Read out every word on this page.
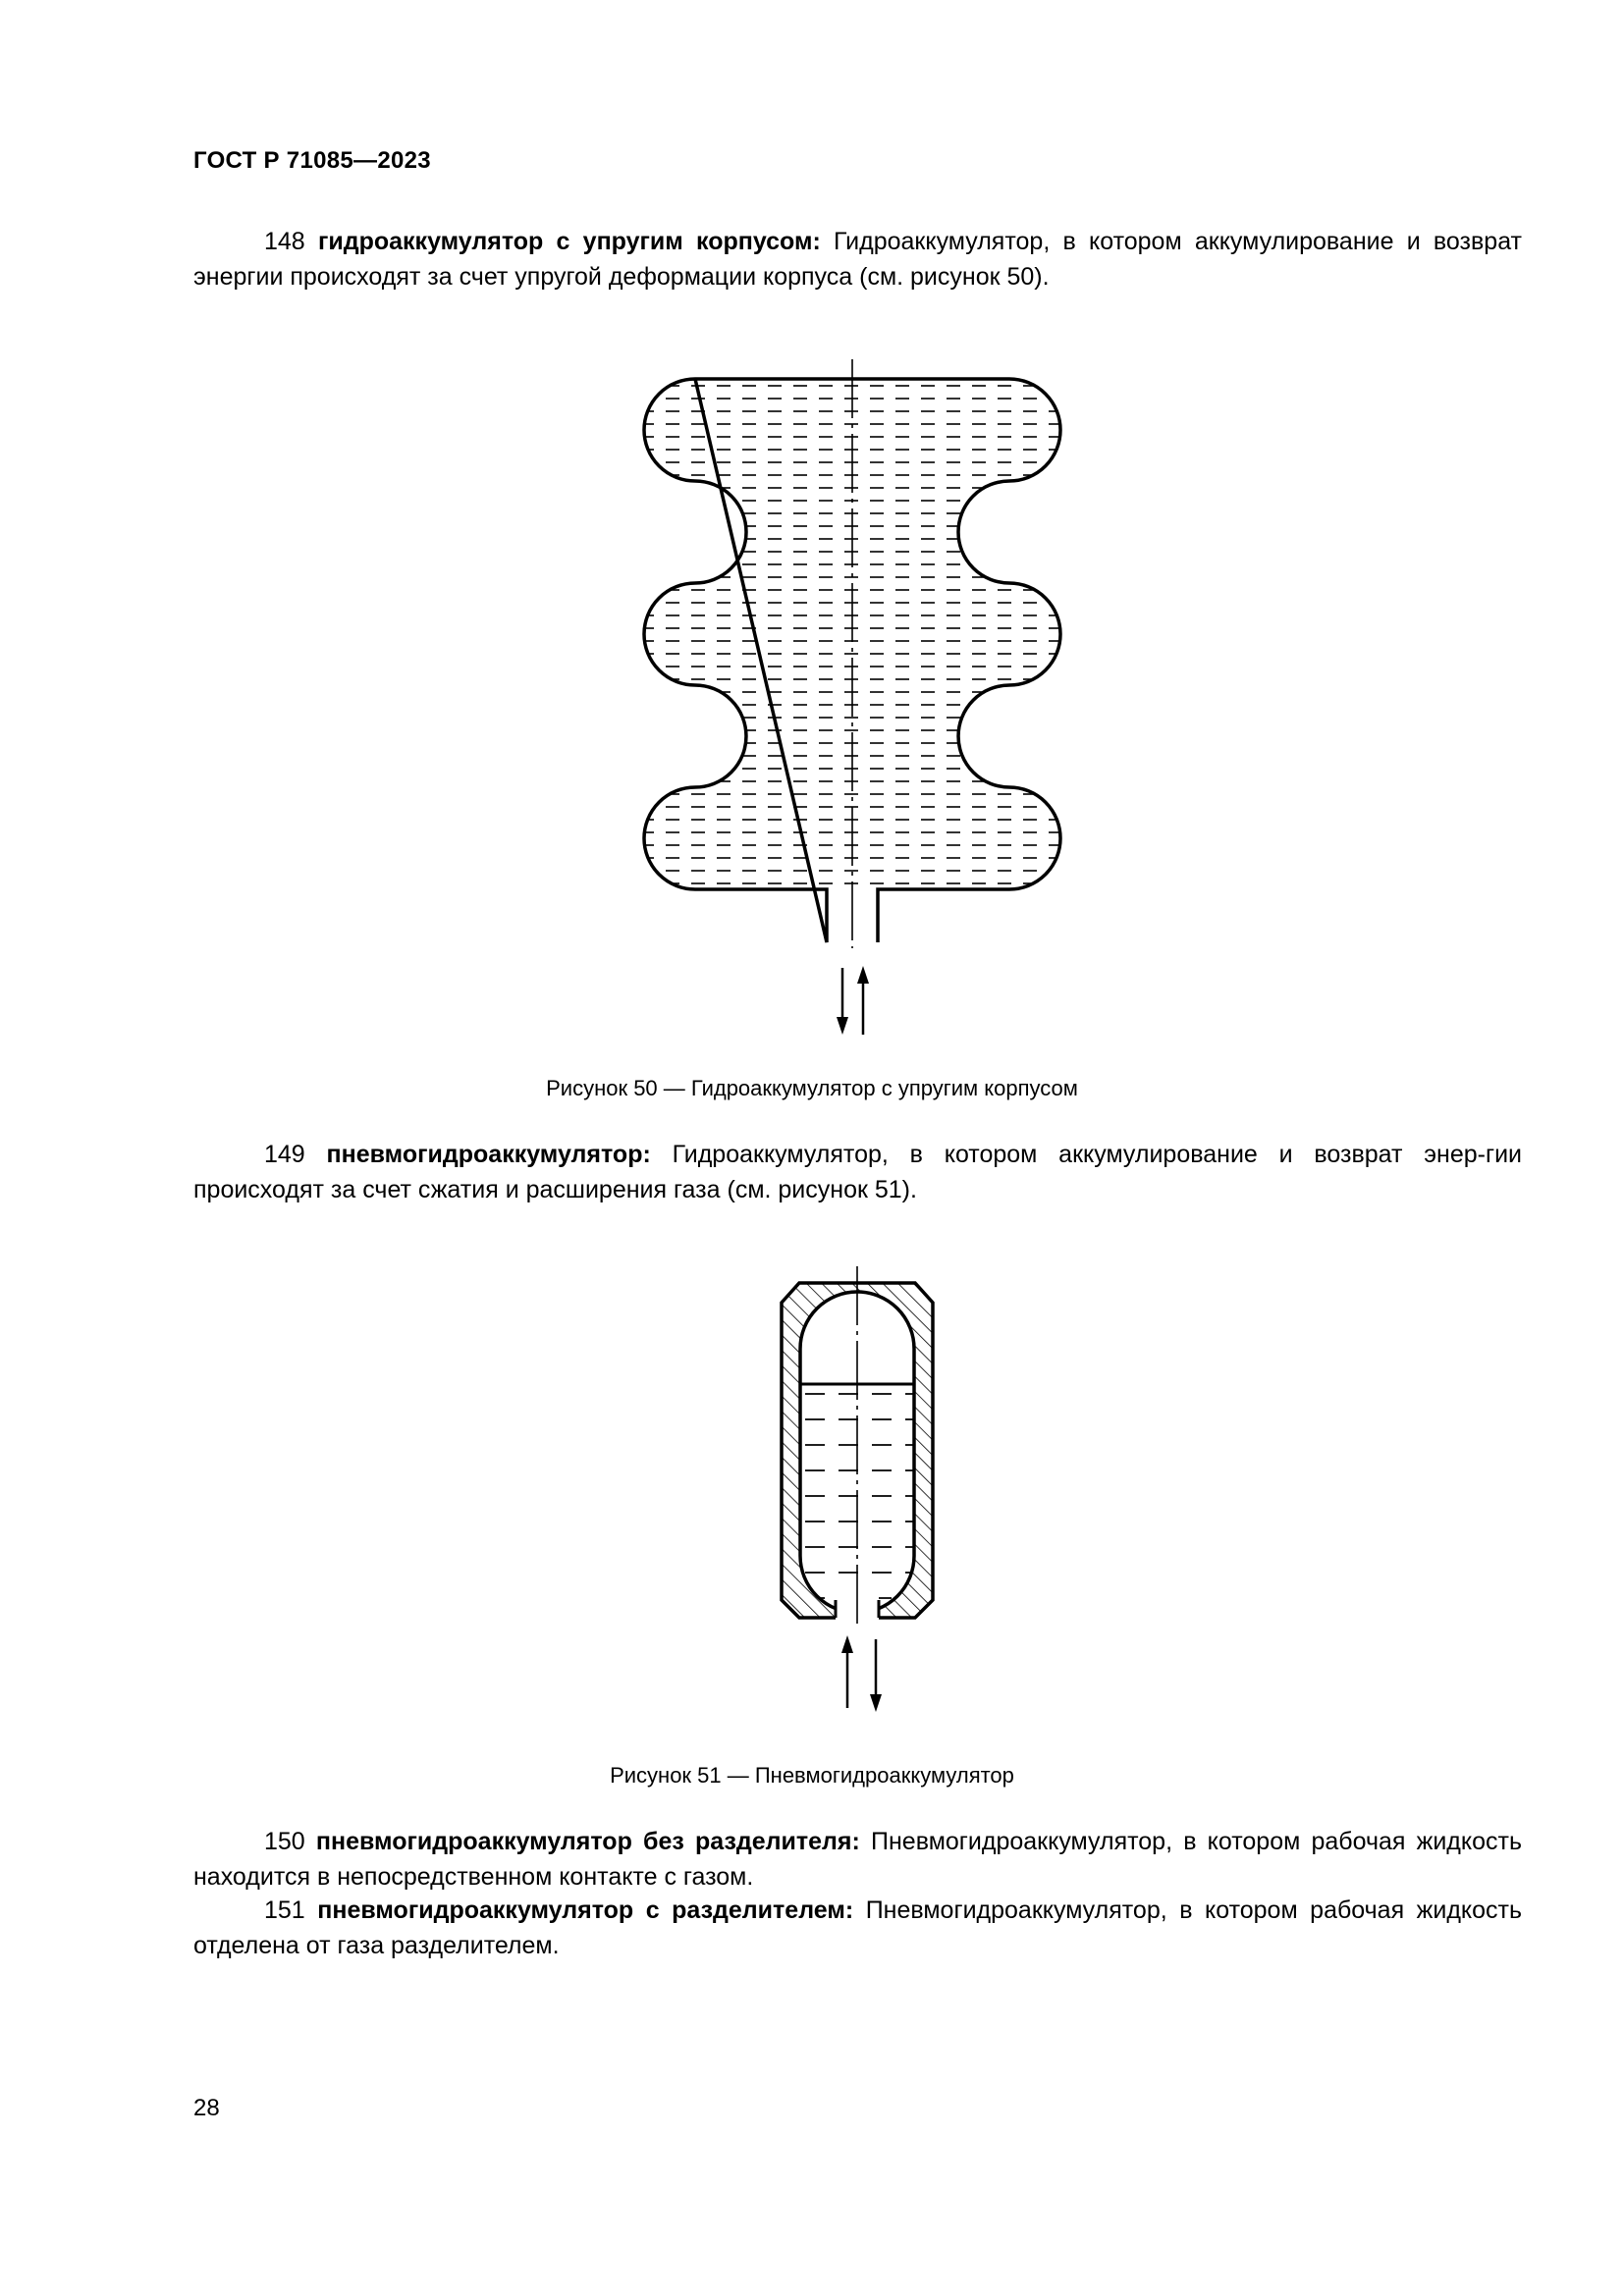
ГОСТ Р 71085—2023
148 гидроаккумулятор с упругим корпусом: Гидроаккумулятор, в котором аккумулирование и возврат энергии происходят за счет упругой деформации корпуса (см. рисунок 50).
Рисунок 50 — Гидроаккумулятор с упругим корпусом
149 пневмогидроаккумулятор: Гидроаккумулятор, в котором аккумулирование и возврат энер-гии происходят за счет сжатия и расширения газа (см. рисунок 51).
Рисунок 51 — Пневмогидроаккумулятор
150 пневмогидроаккумулятор без разделителя: Пневмогидроаккумулятор, в котором рабочая жидкость находится в непосредственном контакте с газом.
151 пневмогидроаккумулятор с разделителем: Пневмогидроаккумулятор, в котором рабочая жидкость отделена от газа разделителем.
28
